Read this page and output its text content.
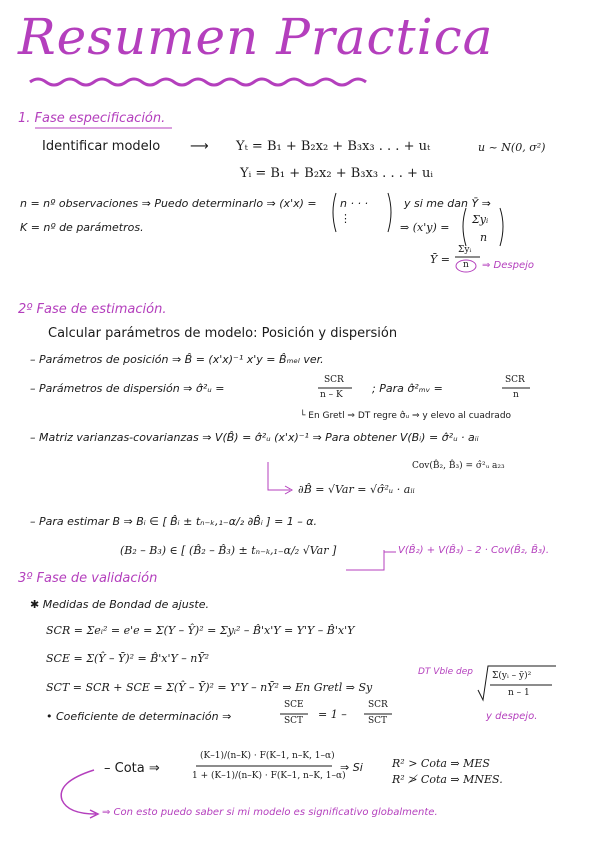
Resumen Practica
1. Fase especificación.
Identificar modelo ⟶ Yₜ = B₁ + B₂x₂ + B₃x₃ . . . + uₜ	u ~ N(0, σ²)
Yᵢ = B₁ + B₂x₂ + B₃x₃ . . . + uᵢ
n = nº observaciones ⇒ Puedo determinarlo ⇒ (x'x) = n · · ·
⋮
y si me dan Ȳ ⇒
K = nº de parámetros.	⇒ (x'y) =
Σyᵢ
n
Ȳ =
Σyᵢ
n ⇒ Despejo
2º Fase de estimación.
Calcular parámetros de modelo: Posición y dispersión
– Parámetros de posición ⇒ B̂ = (x'x)⁻¹ x'y = B̂ₘₑₗ ver.
– Parámetros de dispersión ⇒ σ̂²ᵤ =
SCR
n – K	; Para σ̂²ₘᵥ =
SCR
n
└ En Gretl ⇒ DT regre σ̂ᵤ ⇒ y elevo al cuadrado
– Matriz varianzas-covarianzas ⇒ V(B̂) = σ̂²ᵤ (x'x)⁻¹ ⇒ Para obtener V(Bᵢ) = σ̂²ᵤ · aᵢᵢ
Cov(B̂₂, B̂₃) = σ̂²ᵤ a₂₃
∂B̂ = √Var = √σ̂²ᵤ · aᵢᵢ
– Para estimar B ⇒ Bᵢ ∈ [ B̂ᵢ ± tₙ₋ₖ,₁₋α/₂ ∂B̂ᵢ ] = 1 – α.
(B₂ – B₃) ∈ [ (B̂₂ – B̂₃) ± tₙ₋ₖ,₁₋α/₂ √Var ]	V(B̂₂) + V(B̂₃) – 2 · Cov(B̂₂, B̂₃).
3º Fase de validación
✱ Medidas de Bondad de ajuste.
SCR = Σeᵢ² = e'e = Σ(Y – Ŷ)² = Σyᵢ² – B̂'x'Y = Y'Y – B̂'x'Y
SCE = Σ(Ŷ – Ȳ)² = B̂'x'Y – nȲ²
DT Vble dep
SCT = SCR + SCE = Σ(Ŷ – Ȳ)² = Y'Y – nȲ² ⇒ En Gretl ⇒ Sy
Σ(yᵢ – ȳ)²
n – 1
y despejo.
• Coeficiente de determinación ⇒
SCE
SCT = 1 –
SCR
SCT
– Cota ⇒
(K–1)/(n–K) · F(K–1, n–K, 1–α)
1 + (K–1)/(n–K) · F(K–1, n–K, 1–α)
⇒ Si	R² > Cota ⇒ MES
R² ≯ Cota ⇒ MNES.
⇒ Con esto puedo saber si mi modelo es significativo globalmente.
